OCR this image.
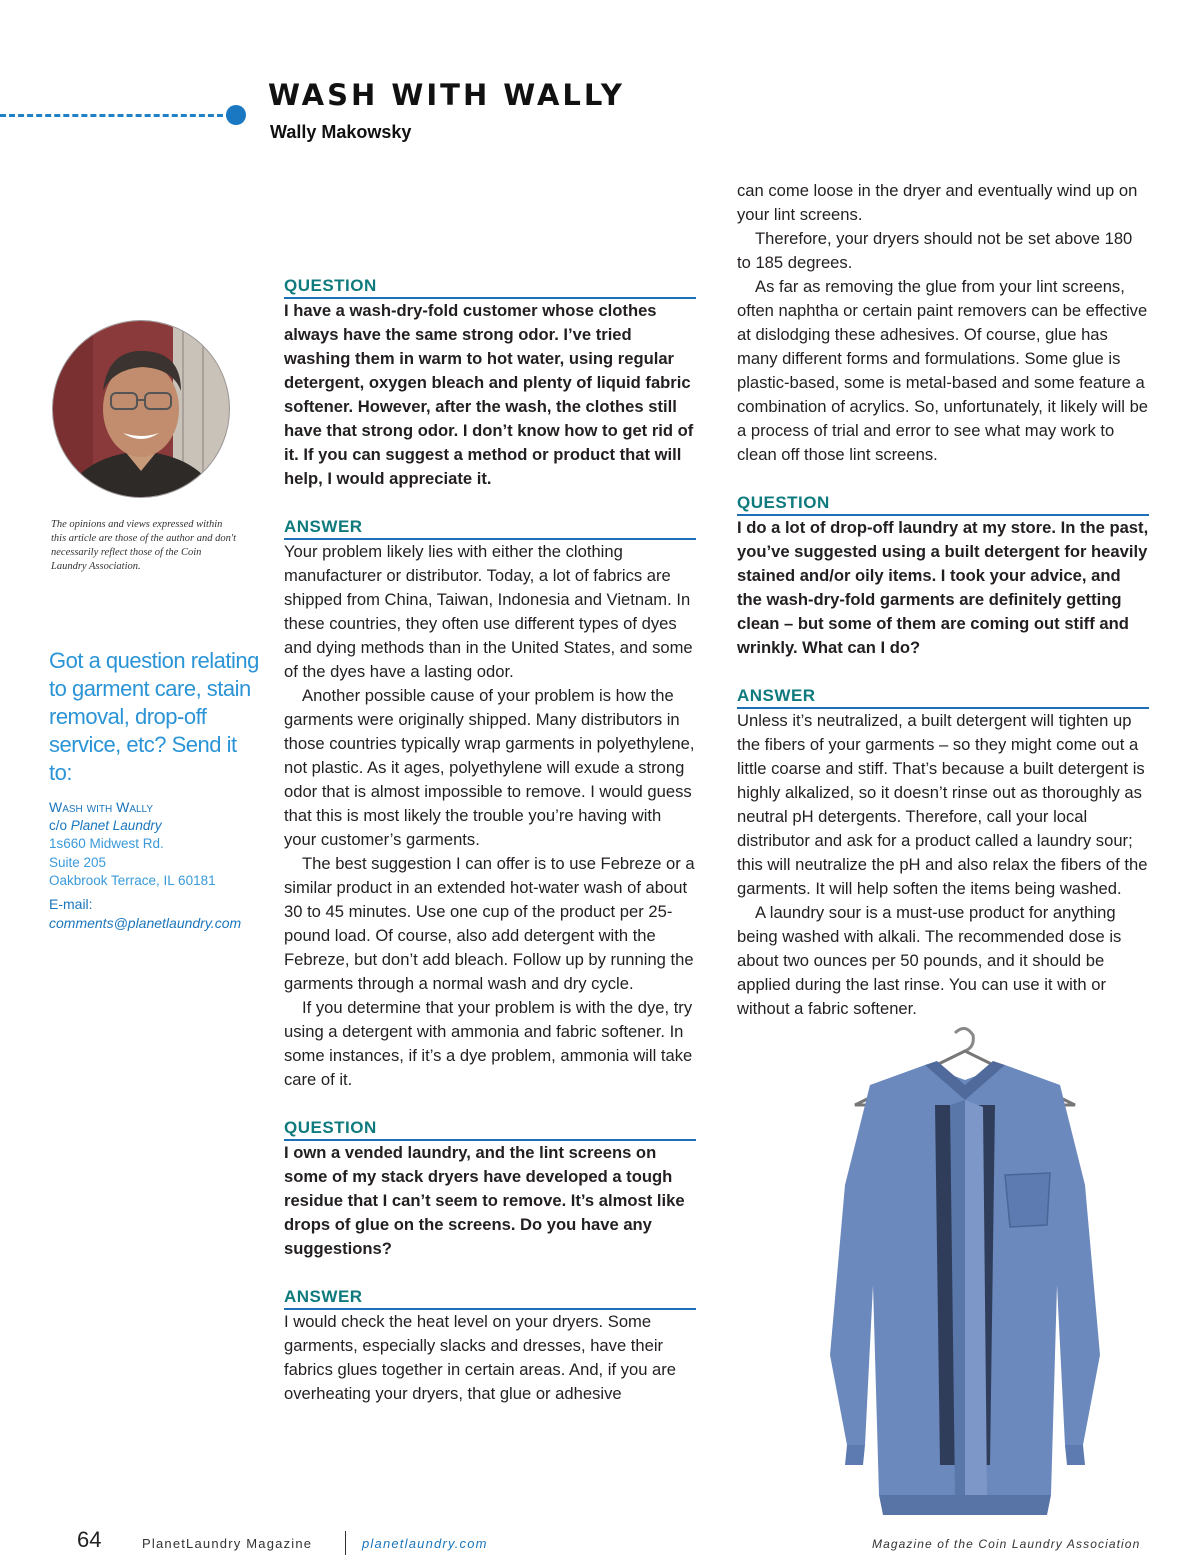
WASH WITH WALLY
Wally Makowsky
The opinions and views expressed within this article are those of the author and don't necessarily reflect those of the Coin Laundry Association.
Got a question relating to garment care, stain removal, drop-off service, etc? Send it to:
Wash with Wally
c/o Planet Laundry
1s660 Midwest Rd.
Suite 205
Oakbrook Terrace, IL 60181
E-mail:
comments@planetlaundry.com
QUESTION

I have a wash-dry-fold customer whose clothes always have the same strong odor. I’ve tried washing them in warm to hot water, using regular detergent, oxygen bleach and plenty of liquid fabric softener. However, after the wash, the clothes still have that strong odor. I don’t know how to get rid of it. If you can suggest a method or product that will help, I would appreciate it.

ANSWER

Your problem likely lies with either the clothing manufacturer or distributor. Today, a lot of fabrics are shipped from China, Taiwan, Indonesia and Vietnam. In these countries, they often use different types of dyes and dying methods than in the United States, and some of the dyes have a lasting odor.

Another possible cause of your problem is how the garments were originally shipped. Many distributors in those countries typically wrap garments in polyethylene, not plastic. As it ages, polyethylene will exude a strong odor that is almost impossible to remove. I would guess that this is most likely the trouble you’re having with your customer’s garments.

The best suggestion I can offer is to use Febreze or a similar product in an extended hot-water wash of about 30 to 45 minutes. Use one cup of the product per 25-pound load. Of course, also add detergent with the Febreze, but don’t add bleach. Follow up by running the garments through a normal wash and dry cycle.

If you determine that your problem is with the dye, try using a detergent with ammonia and fabric softener. In some instances, if it’s a dye problem, ammonia will take care of it.

QUESTION

I own a vended laundry, and the lint screens on some of my stack dryers have developed a tough residue that I can’t seem to remove. It’s almost like drops of glue on the screens. Do you have any suggestions?

ANSWER

I would check the heat level on your dryers. Some garments, especially slacks and dresses, have their fabrics glues together in certain areas. And, if you are overheating your dryers, that glue or adhesive

can come loose in the dryer and eventually wind up on your lint screens.

Therefore, your dryers should not be set above 180 to 185 degrees.

As far as removing the glue from your lint screens, often naphtha or certain paint removers can be effective at dislodging these adhesives. Of course, glue has many different forms and formulations. Some glue is plastic-based, some is metal-based and some feature a combination of acrylics. So, unfortunately, it likely will be a process of trial and error to see what may work to clean off those lint screens.

QUESTION

I do a lot of drop-off laundry at my store. In the past, you’ve suggested using a built detergent for heavily stained and/or oily items. I took your advice, and the wash-dry-fold garments are definitely getting clean – but some of them are coming out stiff and wrinkly. What can I do?

ANSWER

Unless it’s neutralized, a built detergent will tighten up the fibers of your garments – so they might come out a little coarse and stiff. That’s because a built detergent is highly alkalized, so it doesn’t rinse out as thoroughly as neutral pH detergents. Therefore, call your local distributor and ask for a product called a laundry sour; this will neutralize the pH and also relax the fibers of the garments. It will help soften the items being washed.

A laundry sour is a must-use product for anything being washed with alkali. The recommended dose is about two ounces per 50 pounds, and it should be applied during the last rinse. You can use it with or without a fabric softener.

64	PlanetLaundry Magazine	planetlaundry.com	Magazine of the Coin Laundry Association
